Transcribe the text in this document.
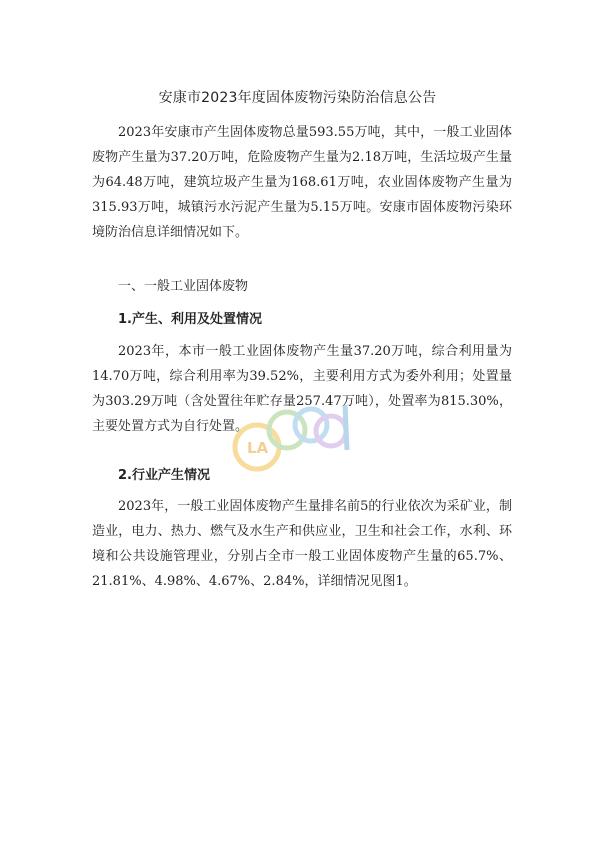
安康市2023年度固体废物污染防治信息公告

2023年安康市产生固体废物总量593.55万吨，其中，一般工业固体废物产生量为37.20万吨，危险废物产生量为2.18万吨，生活垃圾产生量为64.48万吨，建筑垃圾产生量为168.61万吨，农业固体废物产生量为315.93万吨，城镇污水污泥产生量为5.15万吨。安康市固体废物污染环境防治信息详细情况如下。

一、一般工业固体废物
1.产生、利用及处置情况

2023年，本市一般工业固体废物产生量37.20万吨，综合利用量为14.70万吨，综合利用率为39.52%，主要利用方式为委外利用；处置量为303.29万吨（含处置往年贮存量257.47万吨），处置率为815.30%，主要处置方式为自行处置。

2.行业产生情况

2023年，一般工业固体废物产生量排名前5的行业依次为采矿业，制造业，电力、热力、燃气及水生产和供应业，卫生和社会工作，水利、环境和公共设施管理业，分别占全市一般工业固体废物产生量的65.7%、21.81%、4.98%、4.67%、2.84%，详细情况见图1。

LA
